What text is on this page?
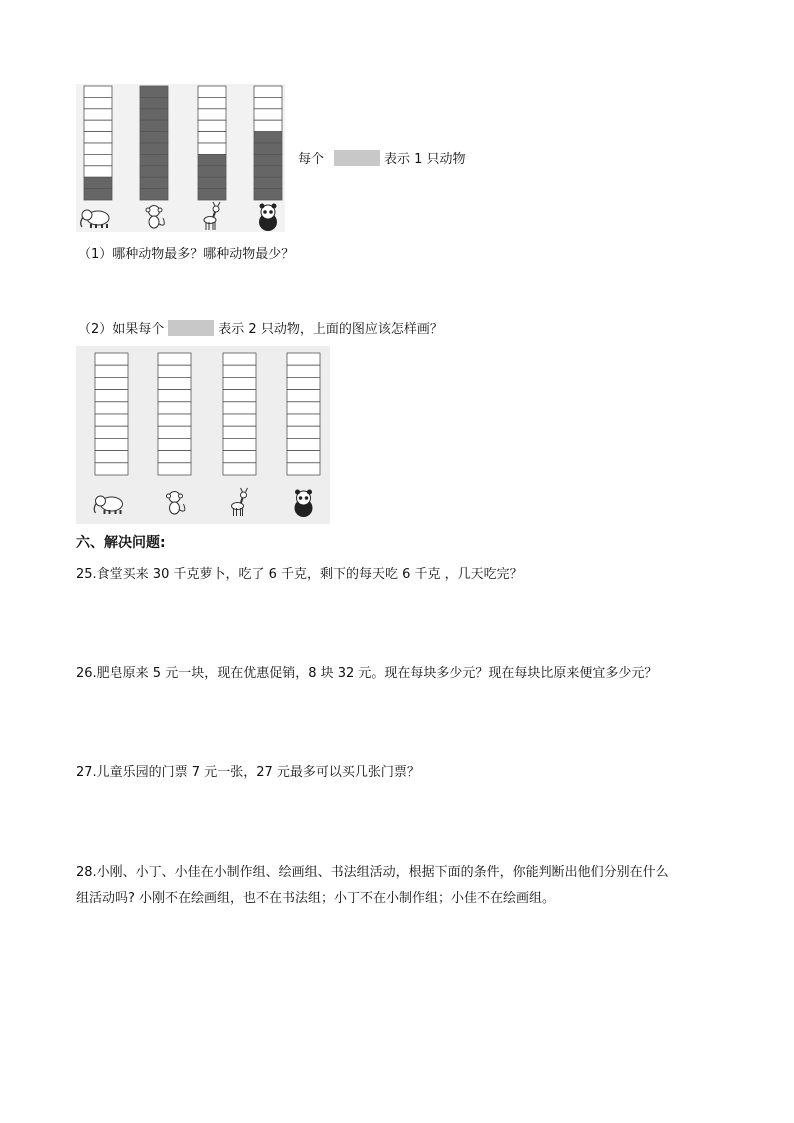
每个	表示 1 只动物
（1）哪种动物最多？哪种动物最少？
（2）如果每个	表示 2 只动物，上面的图应该怎样画？
六、解决问题:
25.食堂买来 30 千克萝卜，吃了 6 千克，剩下的每天吃 6 千克 ，几天吃完？
26.肥皂原来 5 元一块，现在优惠促销，8 块 32 元。现在每块多少元？现在每块比原来便宜多少元？
27.儿童乐园的门票 7 元一张，27 元最多可以买几张门票？
28.小刚、小丁、小佳在小制作组、绘画组、书法组活动，根据下面的条件，你能判断出他们分别在什么
组活动吗? 小刚不在绘画组，也不在书法组；小丁不在小制作组；小佳不在绘画组。
